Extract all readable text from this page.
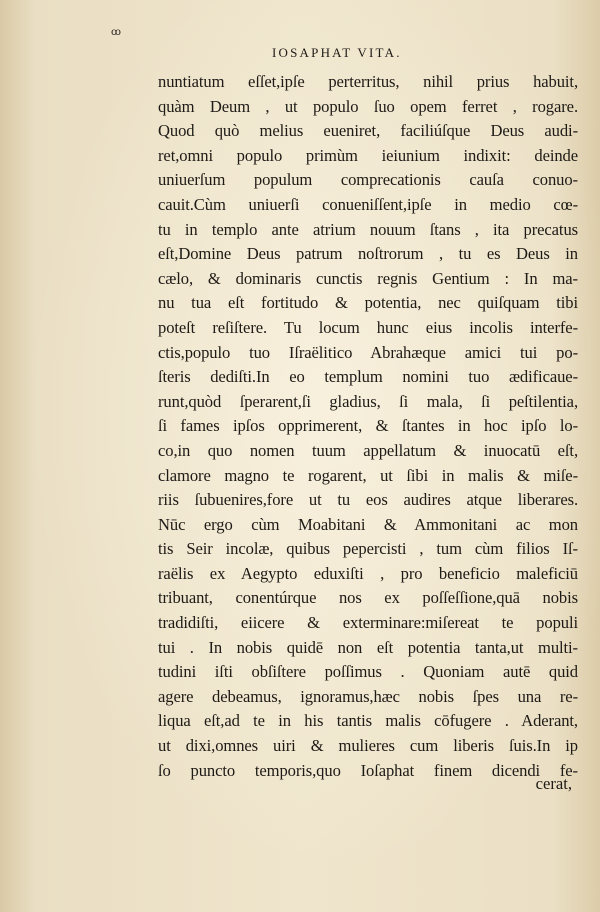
ꝏ
IOSAPHAT VITA.
nuntiatum eſſet,ipſe perterritus, nihil prius habuit,
quàm Deum , ut populo ſuo opem ferret , rogare.
Quod quò melius eueniret, faciliúſque Deus audi-
ret,omni populo primùm ieiunium indixit: deinde
uniuerſum populum comprecationis cauſa conuo-
cauit.Cùm uniuerſi conueniſſent,ipſe in medio cœ-
tu in templo ante atrium nouum ſtans , ita precatus
eſt,Domine Deus patrum noſtrorum , tu es Deus in
cælo, & dominaris cunctis regnis Gentium : In ma-
nu tua eſt fortitudo & potentia, nec quiſquam tibi
poteſt reſiſtere. Tu locum hunc eius incolis interfe-
ctis,populo tuo Iſraëlitico Abrahæque amici tui po-
ſteris dediſti.In eo templum nomini tuo ædificaue-
runt,quòd ſperarent,ſi gladius, ſi mala, ſi peſtilentia,
ſi fames ipſos opprimerent, & ſtantes in hoc ipſo lo-
co,in quo nomen tuum appellatum & inuocatū eſt,
clamore magno te rogarent, ut ſibi in malis & miſe-
riis ſubuenires,fore ut tu eos audires atque liberares.
Nūc ergo cùm Moabitani & Ammonitani ac mon
tis Seir incolæ, quibus pepercisti , tum cùm filios Iſ-
raëlis ex Aegypto eduxiſti , pro beneficio maleficiū
tribuant, conentúrque nos ex poſſeſſione,quā nobis
tradidiſti, eiicere & exterminare:miſereat te populi
tui . In nobis quidē non eſt potentia tanta,ut multi-
tudini iſti obſiſtere poſſimus . Quoniam autē quid
agere debeamus, ignoramus,hæc nobis ſpes una re-
liqua eſt,ad te in his tantis malis cōfugere . Aderant,
ut dixi,omnes uiri & mulieres cum liberis ſuis.In ip
ſo puncto temporis,quo Ioſaphat finem dicendi fe-
cerat,
